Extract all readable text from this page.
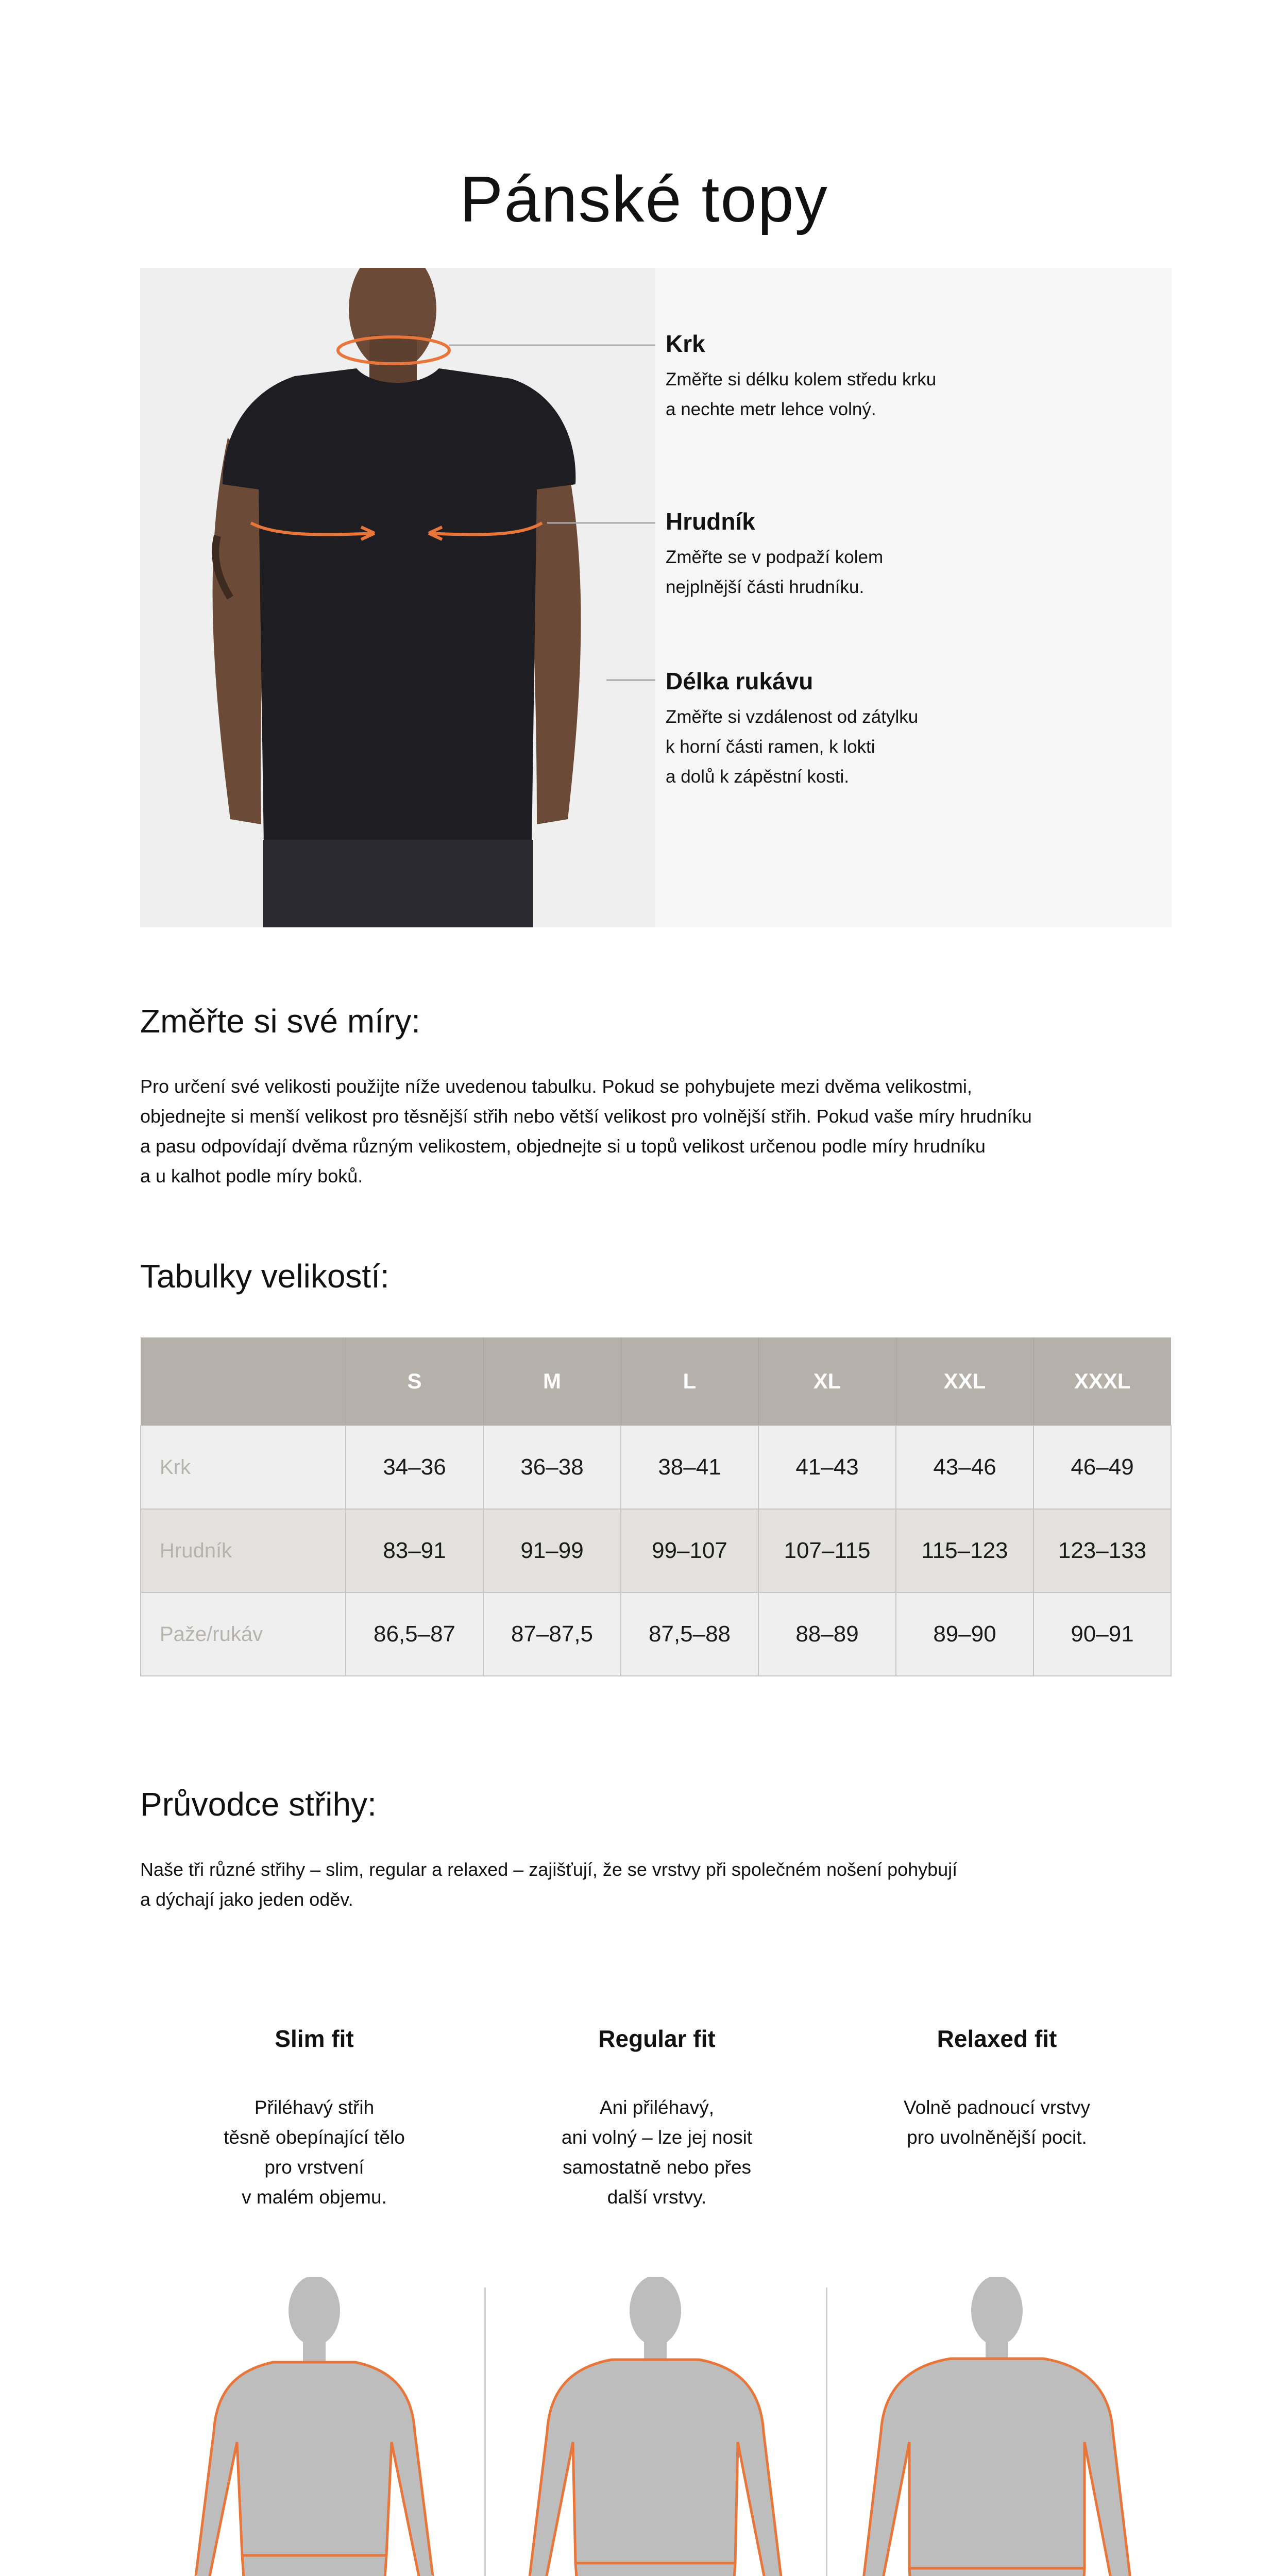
Pánské topy
Krk
Změřte si délku kolem středu krku
a nechte metr lehce volný.
Hrudník
Změřte se v podpaží kolem
nejplnější části hrudníku.
Délka rukávu
Změřte si vzdálenost od zátylku
k horní části ramen, k lokti
a dolů k zápěstní kosti.
Změřte si své míry:

Pro určení své velikosti použijte níže uvedenou tabulku. Pokud se pohybujete mezi dvěma velikostmi,
objednejte si menší velikost pro těsnější střih nebo větší velikost pro volnější střih. Pokud vaše míry hrudníku
a pasu odpovídají dvěma různým velikostem, objednejte si u topů velikost určenou podle míry hrudníku
a u kalhot podle míry boků.

Tabulky velikostí:
	S	M	L	XL	XXL	XXXL
Krk	34–36	36–38	38–41	41–43	43–46	46–49
Hrudník	83–91	91–99	99–107	107–115	115–123	123–133
Paže/rukáv	86,5–87	87–87,5	87,5–88	88–89	89–90	90–91
Průvodce střihy:

Naše tři různé střihy – slim, regular a relaxed – zajišťují, že se vrstvy při společném nošení pohybují
a dýchají jako jeden oděv.

Slim fit
Přiléhavý střih
těsně obepínající tělo
pro vrstvení
v malém objemu.
Regular fit
Ani přiléhavý,
ani volný – lze jej nosit
samostatně nebo přes
další vrstvy.
Relaxed fit
Volně padnoucí vrstvy
pro uvolněnější pocit.
